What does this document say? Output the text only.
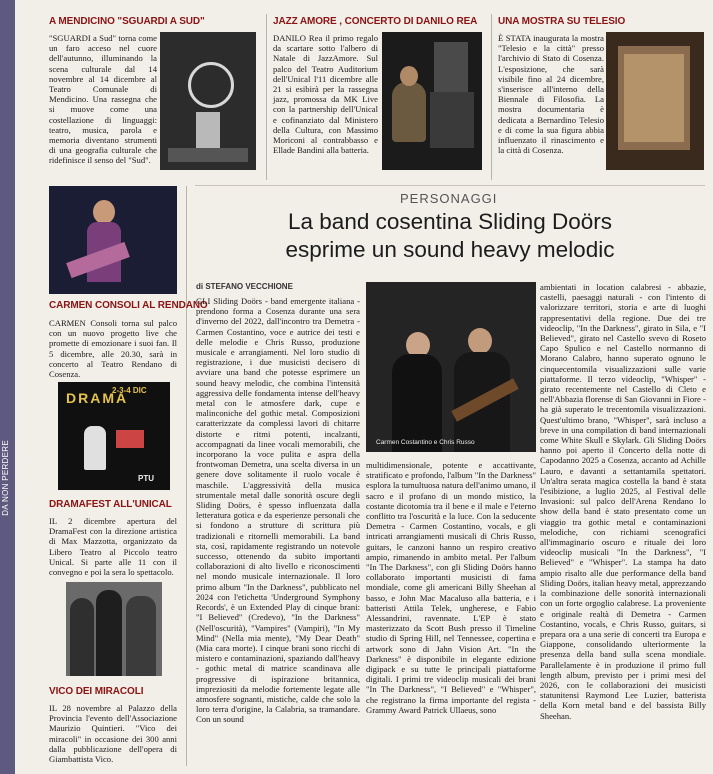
DA NON PERDERE
A MENDICINO "SGUARDI A SUD"

"SGUARDI a Sud" torna come un faro acceso nel cuore dell'autunno, illuminando la scena culturale dal 14 novembre al 14 dicembre al Teatro Comunale di Mendicino. Una rassegna che si muove come una costellazione di linguaggi: teatro, musica, parola e memoria diventano strumenti di una geografia culturale che ridefinisce il senso del "Sud".

JAZZ AMORE , CONCERTO DI DANILO REA

DANILO Rea il primo regalo da scartare sotto l'albero di Natale di JazzAmore. Sul palco del Teatro Auditorium dell'Unical l'11 dicembre alle 21 si esibirà per la rassegna jazz, promossa da MK Live con la partnership dell'Unical e cofinanziato dal Ministero della Cultura, con Massimo Moriconi al contrabbasso e Ellade Bandini alla batteria.

UNA MOSTRA SU TELESIO

È STATA inaugurata la mostra "Telesio e la città" presso l'archivio di Stato di Cosenza. L'esposizione, che sarà visibile fino al 24 dicembre, s'inserisce all'interno della Biennale di Filosofia. La mostra documentaria è dedicata a Bernardino Telesio e di come la sua figura abbia influenzato il rinascimento e la città di Cosenza.

CARMEN CONSOLI AL RENDANO

CARMEN Consoli torna sul palco con un nuovo progetto live che promette di emozionare i suoi fan. Il 5 dicembre, alle 20.30, sarà in concerto al Teatro Rendano di Cosenza.

DRAMA
2-3-4 DIC
PTU
DRAMAFEST ALL'UNICAL

IL 2 dicembre apertura del DramaFest con la direzione artistica di Max Mazzotta, organizzato da Libero Teatro al Piccolo teatro Unical. Si parte alle 11 con il convegno e poi la sera lo spettacolo.

VICO DEI MIRACOLI

IL 28 novembre al Palazzo della Provincia l'evento dell'Associazione Maurizio Quintieri. "Vico dei miracoli" in occasione dei 300 anni dalla pubblicazione dell'opera di Giambattista Vico.

PERSONAGGI
La band cosentina Sliding Doörs
esprime un sound heavy melodic
di STEFANO VECCHIONE

GLI Sliding Doörs - band emergente italiana - prendono forma a Cosenza durante una sera d'inverno del 2022, dall'incontro tra Demetra - Carmen Costantino, voce e autrice dei testi e delle melodie e Chris Russo, produzione musicale e arrangiamenti. Nel loro studio di registrazione, i due musicisti decisero di avviare una band che potesse esprimere un sound heavy melodic, che combina l'intensità aggressiva delle fondamenta intense dell'heavy metal con le atmosfere dark, cupe e malinconiche del gothic metal. Composizioni caratterizzate da complessi lavori di chitarre distorte e ritmi potenti, incalzanti, accompagnati da linee vocali memorabili, che incorporano la voce pulita e aspra della frontwoman Demetra, una scelta diversa in un genere dove solitamente il ruolo vocale è maschile. L'aggressività della musica strumentale metal dalle sonorità oscure degli Sliding Doörs, è spesso influenzata dalla letteratura gotica e da esperienze personali che si fondono a strutture di scrittura più tradizionali e ritornelli memorabili. La band sta, così, rapidamente registrando un notevole successo, ottenendo da subito importanti collaborazioni di alto livello e riconoscimenti nel mondo musicale internazionale. Il loro primo album "In the Darkness", pubblicato nel 2024 con l'etichetta 'Underground Symphony Records', è un Extended Play di cinque brani: "I Believed" (Credevo), "In the Darkness" (Nell'oscurità), "Vampires" (Vampiri), "In My Mind" (Nella mia mente), "My Dear Death" (Mia cara morte). I cinque brani sono ricchi di mistero e contaminazioni, spaziando dall'heavy - gothic metal di matrice scandinava alle progressive di ispirazione britannica, impreziositi da melodie fortemente legate alle atmosfere sognanti, mistiche, calde che solo la loro terra d'origine, la Calabria, sa tramandare. Con un sound

Carmen Costantino e Chris Russo

multidimensionale, potente e accattivante, stratificato e profondo, l'album "In the Darkness" esplora la tumultuosa natura dell'animo umano, il sacro e il profano di un mondo mistico, la costante dicotomia tra il bene e il male e l'eterno conflitto tra l'oscurità e la luce. Con la seducente Demetra - Carmen Costantino, vocals, e gli intricati arrangiamenti musicali di Chris Russo, guitars, le canzoni hanno un respiro creativo ampio, rimanendo in ambito metal. Per l'album "In The Darkness", con gli Sliding Doörs hanno collaborato importanti musicisti di fama mondiale, come gli americani Billy Sheehan al basso, e John Mac Macaluso alla batteria, e i batteristi Attila Telek, ungherese, e Fabio Alessandrini, ravennate. L'EP è stato masterizzato da Scott Bush presso il Timeline studio di Spring Hill, nel Tennessee, copertina e artwork sono di Jahn Vision Art. "In the Darkness" è disponibile in elegante edizione digipack e su tutte le principali piattaforme digitali. I primi tre videoclip musicali dei brani "In The Darkness", "I Believed" e "Whisper", che registrano la firma importante del regista - Grammy Award Patrick Ullaeus, sono

ambientati in location calabresi - abbazie, castelli, paesaggi naturali - con l'intento di valorizzare territori, storia e arte di luoghi rappresentativi della regione. Due dei tre videoclip, "In the Darkness", girato in Sila, e "I Believed", girato nel Castello svevo di Roseto Capo Spulico e nel Castello normanno di Morano Calabro, hanno superato ognuno le cinquecentomila visualizzazioni sulle varie piattaforme. Il terzo videoclip, "Whisper" - girato recentemente nel Castello di Cleto e nell'Abbazia florense di San Giovanni in Fiore - ha già superato le trecentomila visualizzazioni. Quest'ultimo brano, "Whisper", sarà incluso a breve in una compilation di band internazionali come White Skull e Skylark. Gli Sliding Doörs hanno poi aperto il Concerto della notte di Capodanno 2025 a Cosenza, accanto ad Achille Lauro, e davanti a settantamila spettatori. Un'altra serata magica costella la band è stata l'esibizione, a luglio 2025, al Festival delle Invasioni: sul palco dell'Arena Rendano lo show della band è stato presentato come un viaggio tra gothic metal e contaminazioni melodiche, con richiami scenografici all'immaginario oscuro e rituale dei loro videoclip musicali "In the Darkness", "I Believed" e "Whisper". La stampa ha dato ampio risalto alle due performance della band Sliding Doörs, italian heavy metal, apprezzando la combinazione delle sonorità internazionali con un forte orgoglio calabrese. La proveniente e originale realtà di Demetra - Carmen Costantino, vocals, e Chris Russo, guitars, si prepara ora a una serie di concerti tra Europa e Giappone, consolidando ulteriormente la presenza della band sulla scena mondiale. Parallelamente è in produzione il primo full length album, previsto per i primi mesi del 2026, con le collaborazioni dei musicisti statunitensi Raymond Lee Luzier, batterista della Korn metal band e del bassista Billy Sheehan.
